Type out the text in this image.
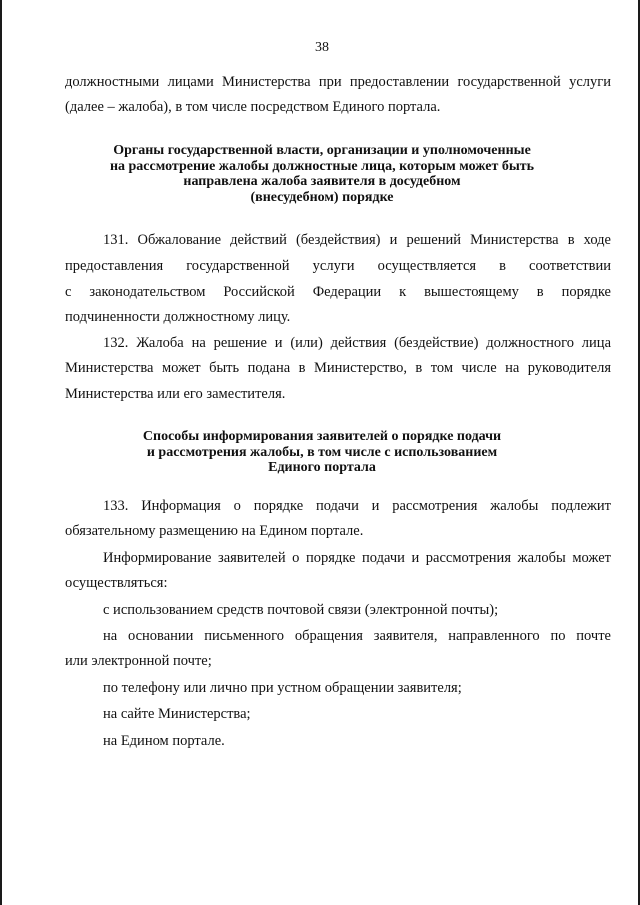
38
должностными лицами Министерства при предоставлении государственной услуги
(далее – жалоба), в том числе посредством Единого портала.
Органы государственной власти, организации и уполномоченные
на рассмотрение жалобы должностные лица, которым может быть
направлена жалоба заявителя в досудебном
(внесудебном) порядке
131. Обжалование действий (бездействия) и решений Министерства в ходе
предоставления государственной услуги осуществляется в соответствии
с законодательством Российской Федерации к вышестоящему в порядке
подчиненности должностному лицу.
132. Жалоба на решение и (или) действия (бездействие) должностного лица
Министерства может быть подана в Министерство, в том числе на руководителя
Министерства или его заместителя.
Способы информирования заявителей о порядке подачи
и рассмотрения жалобы, в том числе с использованием
Единого портала
133. Информация о порядке подачи и рассмотрения жалобы подлежит
обязательному размещению на Едином портале.
Информирование заявителей о порядке подачи и рассмотрения жалобы может
осуществляться:
с использованием средств почтовой связи (электронной почты);
на основании письменного обращения заявителя, направленного по почте
или электронной почте;
по телефону или лично при устном обращении заявителя;
на сайте Министерства;
на Едином портале.
